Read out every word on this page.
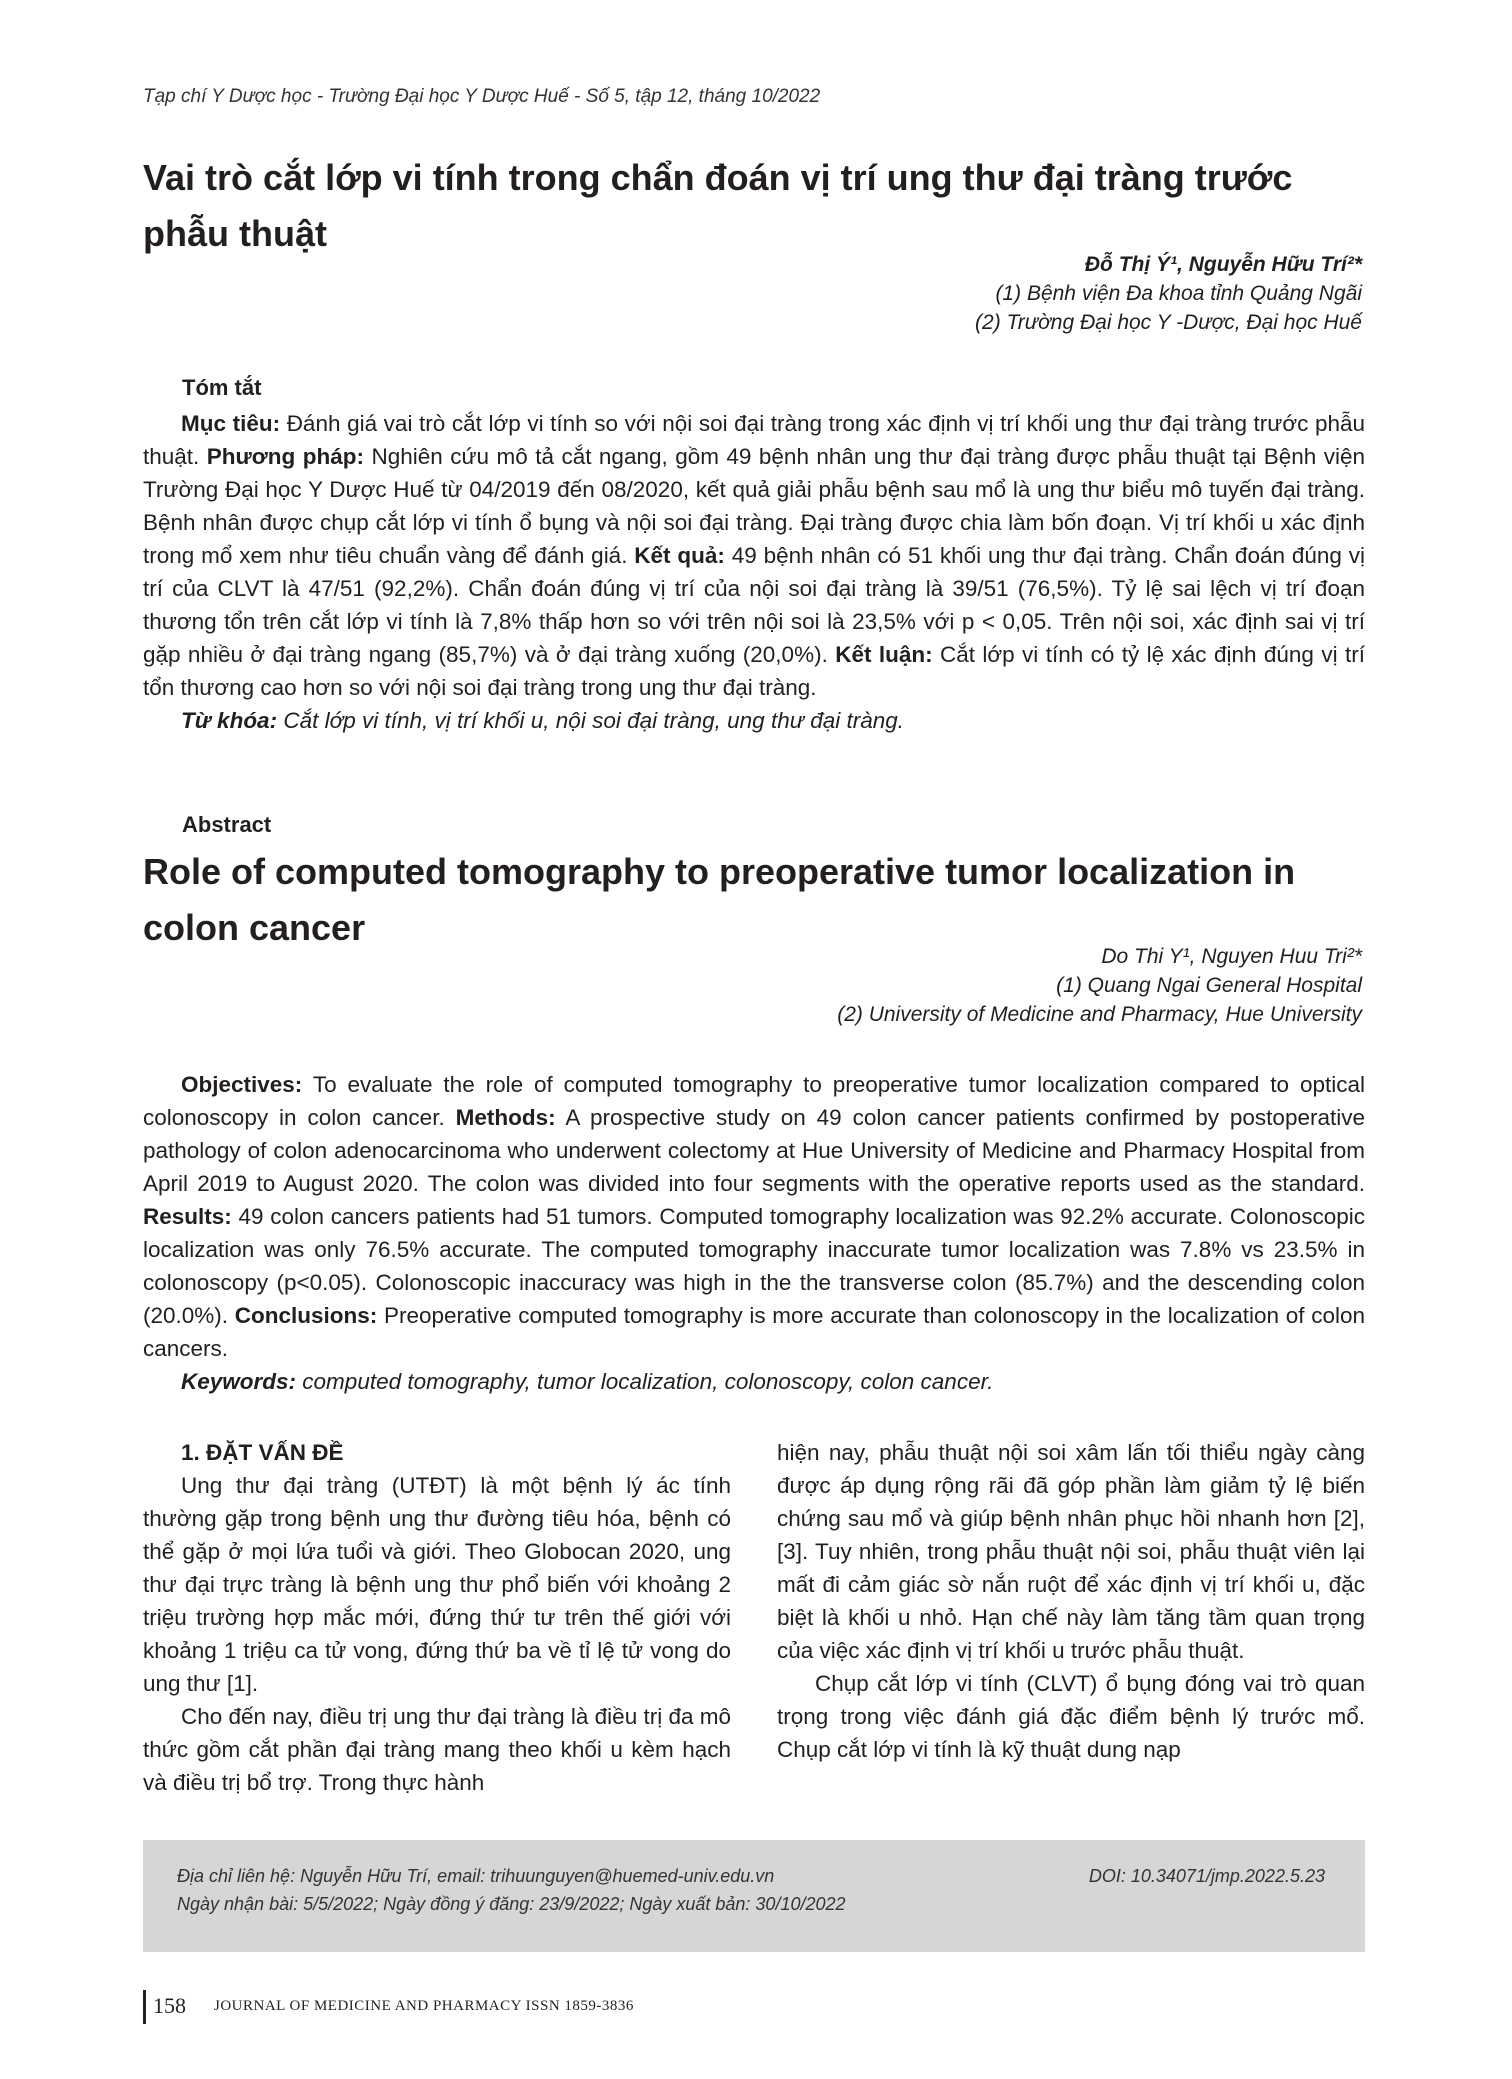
Tạp chí Y Dược học - Trường Đại học Y Dược Huế - Số 5, tập 12, tháng 10/2022
Vai trò cắt lớp vi tính trong chẩn đoán vị trí ung thư đại tràng trước phẫu thuật
Đỗ Thị Ý¹, Nguyễn Hữu Trí²*
(1) Bệnh viện Đa khoa tỉnh Quảng Ngãi
(2) Trường Đại học Y -Dược, Đại học Huế
Tóm tắt
Mục tiêu: Đánh giá vai trò cắt lớp vi tính so với nội soi đại tràng trong xác định vị trí khối ung thư đại tràng trước phẫu thuật. Phương pháp: Nghiên cứu mô tả cắt ngang, gồm 49 bệnh nhân ung thư đại tràng được phẫu thuật tại Bệnh viện Trường Đại học Y Dược Huế từ 04/2019 đến 08/2020, kết quả giải phẫu bệnh sau mổ là ung thư biểu mô tuyến đại tràng. Bệnh nhân được chụp cắt lớp vi tính ổ bụng và nội soi đại tràng. Đại tràng được chia làm bốn đoạn. Vị trí khối u xác định trong mổ xem như tiêu chuẩn vàng để đánh giá. Kết quả: 49 bệnh nhân có 51 khối ung thư đại tràng. Chẩn đoán đúng vị trí của CLVT là 47/51 (92,2%). Chẩn đoán đúng vị trí của nội soi đại tràng là 39/51 (76,5%). Tỷ lệ sai lệch vị trí đoạn thương tổn trên cắt lớp vi tính là 7,8% thấp hơn so với trên nội soi là 23,5% với p < 0,05. Trên nội soi, xác định sai vị trí gặp nhiều ở đại tràng ngang (85,7%) và ở đại tràng xuống (20,0%). Kết luận: Cắt lớp vi tính có tỷ lệ xác định đúng vị trí tổn thương cao hơn so với nội soi đại tràng trong ung thư đại tràng.
Từ khóa: Cắt lớp vi tính, vị trí khối u, nội soi đại tràng, ung thư đại tràng.
Abstract
Role of computed tomography to preoperative tumor localization in colon cancer
Do Thi Y¹, Nguyen Huu Tri²*
(1) Quang Ngai General Hospital
(2) University of Medicine and Pharmacy, Hue University
Objectives: To evaluate the role of computed tomography to preoperative tumor localization compared to optical colonoscopy in colon cancer. Methods: A prospective study on 49 colon cancer patients confirmed by postoperative pathology of colon adenocarcinoma who underwent colectomy at Hue University of Medicine and Pharmacy Hospital from April 2019 to August 2020. The colon was divided into four segments with the operative reports used as the standard. Results: 49 colon cancers patients had 51 tumors. Computed tomography localization was 92.2% accurate. Colonoscopic localization was only 76.5% accurate. The computed tomography inaccurate tumor localization was 7.8% vs 23.5% in colonoscopy (p<0.05). Colonoscopic inaccuracy was high in the the transverse colon (85.7%) and the descending colon (20.0%). Conclusions: Preoperative computed tomography is more accurate than colonoscopy in the localization of colon cancers.
Keywords: computed tomography, tumor localization, colonoscopy, colon cancer.

1. ĐẶT VẤN ĐỀ

Ung thư đại tràng (UTĐT) là một bệnh lý ác tính thường gặp trong bệnh ung thư đường tiêu hóa, bệnh có thể gặp ở mọi lứa tuổi và giới. Theo Globocan 2020, ung thư đại trực tràng là bệnh ung thư phổ biến với khoảng 2 triệu trường hợp mắc mới, đứng thứ tư trên thế giới với khoảng 1 triệu ca tử vong, đứng thứ ba về tỉ lệ tử vong do ung thư [1].

Cho đến nay, điều trị ung thư đại tràng là điều trị đa mô thức gồm cắt phần đại tràng mang theo khối u kèm hạch và điều trị bổ trợ. Trong thực hành

hiện nay, phẫu thuật nội soi xâm lấn tối thiểu ngày càng được áp dụng rộng rãi đã góp phần làm giảm tỷ lệ biến chứng sau mổ và giúp bệnh nhân phục hồi nhanh hơn [2], [3]. Tuy nhiên, trong phẫu thuật nội soi, phẫu thuật viên lại mất đi cảm giác sờ nắn ruột để xác định vị trí khối u, đặc biệt là khối u nhỏ. Hạn chế này làm tăng tầm quan trọng của việc xác định vị trí khối u trước phẫu thuật.

Chụp cắt lớp vi tính (CLVT) ổ bụng đóng vai trò quan trọng trong việc đánh giá đặc điểm bệnh lý trước mổ. Chụp cắt lớp vi tính là kỹ thuật dung nạp

Địa chỉ liên hệ: Nguyễn Hữu Trí, email: trihuunguyen@huemed-univ.edu.vn	DOI: 10.34071/jmp.2022.5.23
Ngày nhận bài: 5/5/2022; Ngày đồng ý đăng: 23/9/2022; Ngày xuất bản: 30/10/2022
158 JOURNAL OF MEDICINE AND PHARMACY ISSN 1859-3836
